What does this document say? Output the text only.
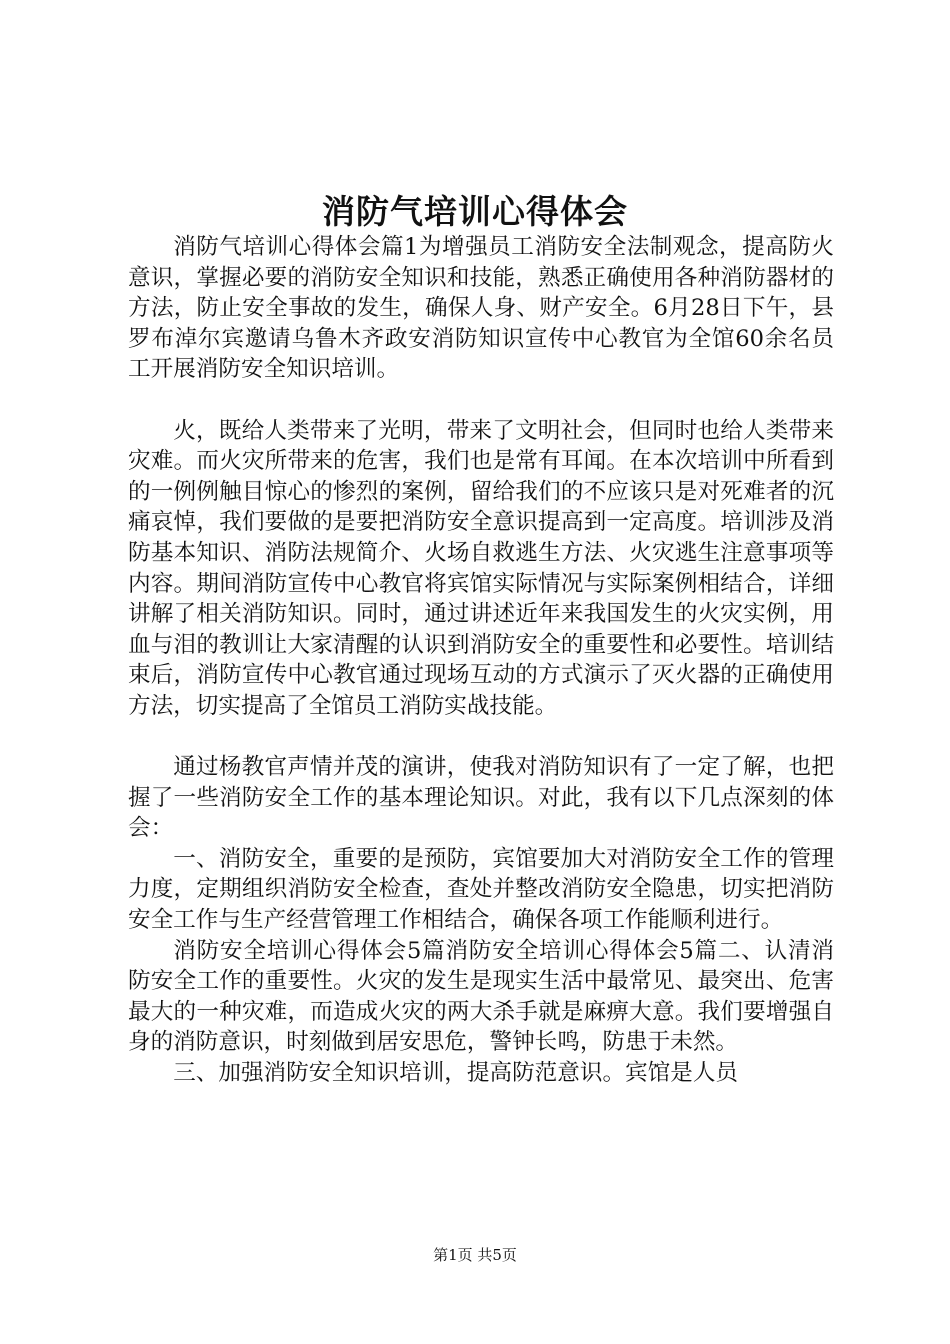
消防气培训心得体会

消防气培训心得体会篇1为增强员工消防安全法制观念，提高防火意识，掌握必要的消防安全知识和技能，熟悉正确使用各种消防器材的方法，防止安全事故的发生，确保人身、财产安全。6月28日下午，县罗布淖尔宾邀请乌鲁木齐政安消防知识宣传中心教官为全馆60余名员工开展消防安全知识培训。

火，既给人类带来了光明，带来了文明社会，但同时也给人类带来灾难。而火灾所带来的危害，我们也是常有耳闻。在本次培训中所看到的一例例触目惊心的惨烈的案例，留给我们的不应该只是对死难者的沉痛哀悼，我们要做的是要把消防安全意识提高到一定高度。培训涉及消防基本知识、消防法规简介、火场自救逃生方法、火灾逃生注意事项等内容。期间消防宣传中心教官将宾馆实际情况与实际案例相结合，详细讲解了相关消防知识。同时，通过讲述近年来我国发生的火灾实例，用血与泪的教训让大家清醒的认识到消防安全的重要性和必要性。培训结束后，消防宣传中心教官通过现场互动的方式演示了灭火器的正确使用方法，切实提高了全馆员工消防实战技能。

通过杨教官声情并茂的演讲，使我对消防知识有了一定了解，也把握了一些消防安全工作的基本理论知识。对此，我有以下几点深刻的体会：

一、消防安全，重要的是预防，宾馆要加大对消防安全工作的管理力度，定期组织消防安全检查，查处并整改消防安全隐患，切实把消防安全工作与生产经营管理工作相结合，确保各项工作能顺利进行。

消防安全培训心得体会5篇消防安全培训心得体会5篇二、认清消防安全工作的重要性。火灾的发生是现实生活中最常见、最突出、危害最大的一种灾难，而造成火灾的两大杀手就是麻痹大意。我们要增强自身的消防意识，时刻做到居安思危，警钟长鸣，防患于未然。

三、加强消防安全知识培训，提高防范意识。宾馆是人员

第1页 共5页
